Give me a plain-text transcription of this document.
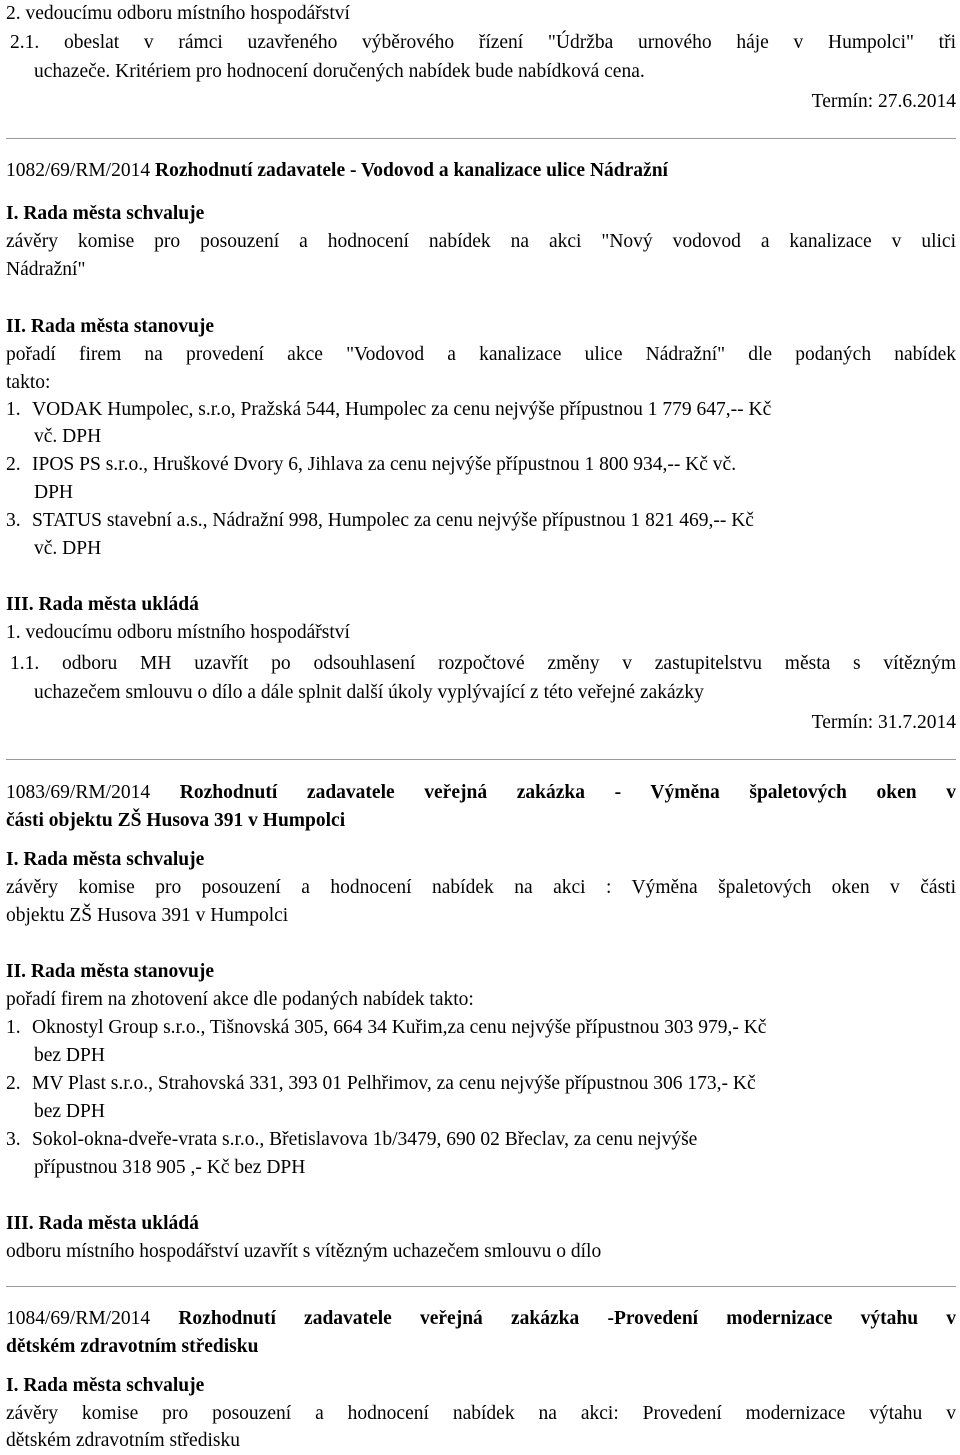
2. vedoucímu odboru místního hospodářství
2.1. obeslat v rámci uzavřeného výběrového řízení "Údržba urnového háje v Humpolci" tři
uchazeče. Kritériem pro hodnocení doručených nabídek bude nabídková cena.
Termín: 27.6.2014
1082/69/RM/2014 Rozhodnutí zadavatele - Vodovod a kanalizace ulice Nádražní
I. Rada města schvaluje
závěry komise pro posouzení a hodnocení nabídek na akci "Nový vodovod a kanalizace v ulici
Nádražní"
II. Rada města stanovuje
pořadí firem na provedení akce "Vodovod a kanalizace ulice Nádražní" dle podaných nabídek
takto:
1. VODAK Humpolec, s.r.o, Pražská 544, Humpolec za cenu nejvýše přípustnou 1 779 647,-- Kč
vč. DPH
2. IPOS PS s.r.o., Hruškové Dvory 6, Jihlava za cenu nejvýše přípustnou 1 800 934,-- Kč vč.
DPH
3. STATUS stavební a.s., Nádražní 998, Humpolec za cenu nejvýše přípustnou 1 821 469,-- Kč
vč. DPH
III. Rada města ukládá
1. vedoucímu odboru místního hospodářství
1.1. odboru MH uzavřít po odsouhlasení rozpočtové změny v zastupitelstvu města s vítězným
uchazečem smlouvu o dílo a dále splnit další úkoly vyplývající z této veřejné zakázky
Termín: 31.7.2014
1083/69/RM/2014 Rozhodnutí zadavatele veřejná zakázka - Výměna špaletových oken v
části objektu ZŠ Husova 391 v Humpolci
I. Rada města schvaluje
závěry komise pro posouzení a hodnocení nabídek na akci : Výměna špaletových oken v části
objektu ZŠ Husova 391 v Humpolci
II. Rada města stanovuje
pořadí firem na zhotovení akce dle podaných nabídek takto:
1. Oknostyl Group s.r.o., Tišnovská 305, 664 34 Kuřim,za cenu nejvýše přípustnou 303 979,- Kč
bez DPH
2. MV Plast s.r.o., Strahovská 331, 393 01 Pelhřimov, za cenu nejvýše přípustnou 306 173,- Kč
bez DPH
3. Sokol-okna-dveře-vrata s.r.o., Břetislavova 1b/3479, 690 02 Břeclav, za cenu nejvýše
přípustnou 318 905 ,- Kč bez DPH
III. Rada města ukládá
odboru místního hospodářství uzavřít s vítězným uchazečem smlouvu o dílo
1084/69/RM/2014 Rozhodnutí zadavatele veřejná zakázka -Provedení modernizace výtahu v
dětském zdravotním středisku
I. Rada města schvaluje
závěry komise pro posouzení a hodnocení nabídek na akci: Provedení modernizace výtahu v
dětském zdravotním středisku
